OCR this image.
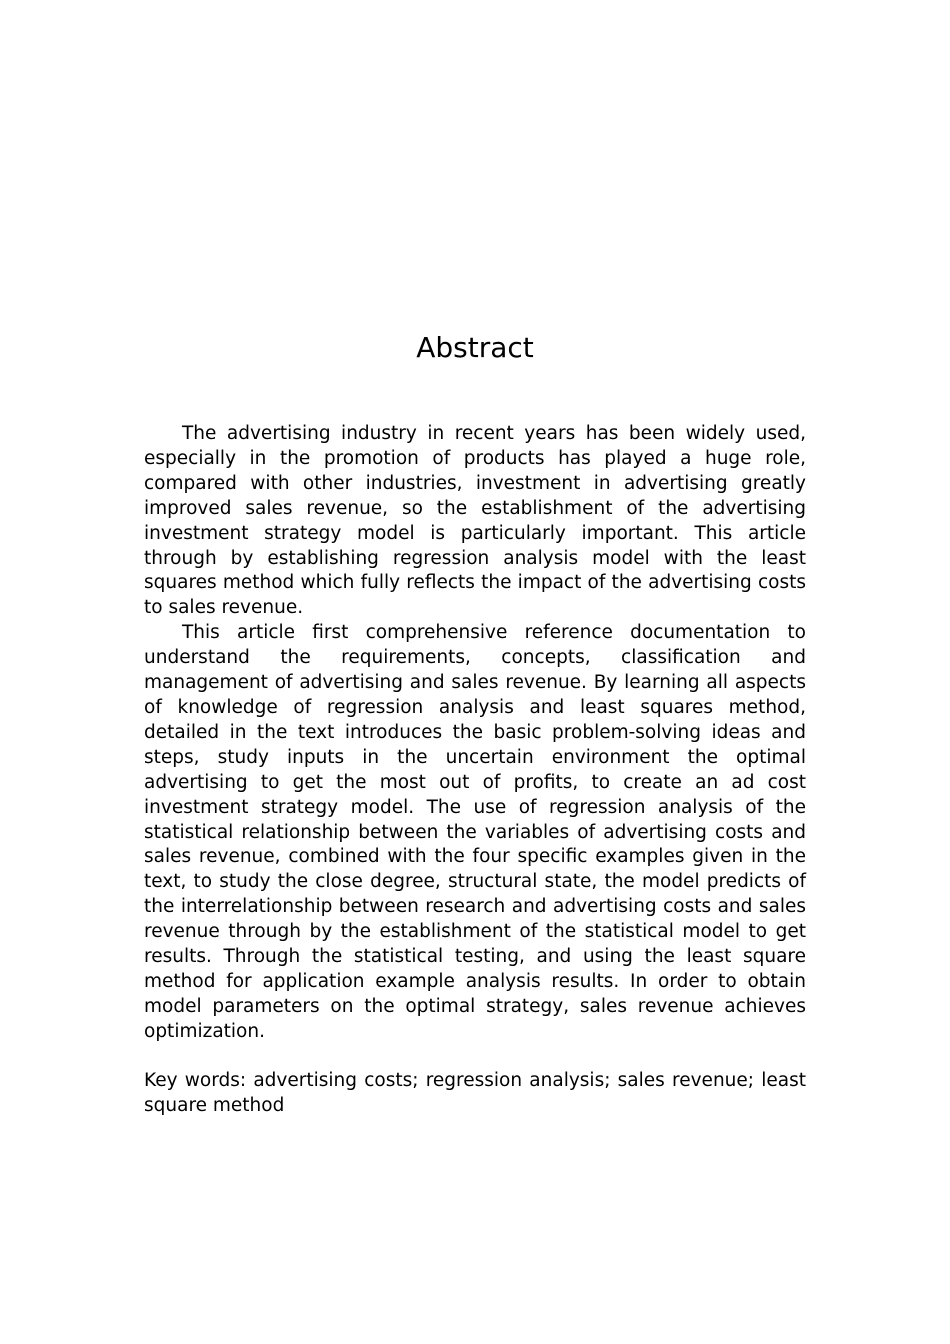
Abstract

The advertising industry in recent years has been widely used, especially in the promotion of products has played a huge role, compared with other industries, investment in advertising greatly improved sales revenue, so the establishment of the advertising investment strategy model is particularly important. This article through by establishing regression analysis model with the least squares method which fully reflects the impact of the advertising costs to sales revenue.

This article first comprehensive reference documentation to understand the requirements, concepts, classification and management of advertising and sales revenue. By learning all aspects of knowledge of regression analysis and least squares method, detailed in the text introduces the basic problem-solving ideas and steps, study inputs in the uncertain environment the optimal advertising to get the most out of profits, to create an ad cost investment strategy model. The use of regression analysis of the statistical relationship between the variables of advertising costs and sales revenue, combined with the four specific examples given in the text, to study the close degree, structural state, the model predicts of the interrelationship between research and advertising costs and sales revenue through by the establishment of the statistical model to get results. Through the statistical testing, and using the least square method for application example analysis results. In order to obtain model parameters on the optimal strategy, sales revenue achieves optimization.

Key words: advertising costs; regression analysis; sales revenue; least square method
